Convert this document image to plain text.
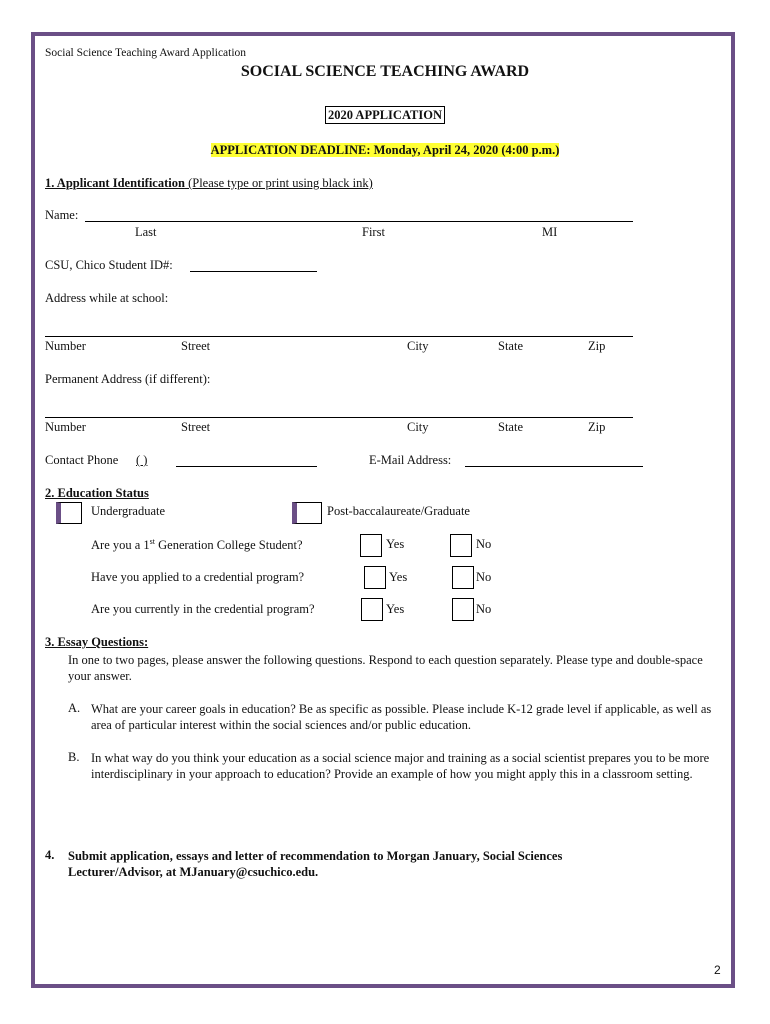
Social Science Teaching Award Application
SOCIAL SCIENCE TEACHING AWARD
2020 APPLICATION
APPLICATION DEADLINE: Monday, April 24, 2020 (4:00 p.m.)
1. Applicant Identification (Please type or print using black ink)
Name:
Last	First	MI
CSU, Chico Student ID#:
Address while at school:
Number	Street	City	State	Zip
Permanent Address (if different):
Number	Street	City	State	Zip
Contact Phone ( )	E-Mail Address:
2. Education Status
Undergraduate	Post-baccalaureate/Graduate
Are you a 1st Generation College Student?	Yes	No
Have you applied to a credential program?	Yes	No
Are you currently in the credential program?	Yes	No
3. Essay Questions:
In one to two pages, please answer the following questions. Respond to each question separately. Please type and double-space your answer.
A. What are your career goals in education? Be as specific as possible. Please include K-12 grade level if applicable, as well as area of particular interest within the social sciences and/or public education.
B. In what way do you think your education as a social science major and training as a social scientist prepares you to be more interdisciplinary in your approach to education? Provide an example of how you might apply this in a classroom setting.
4. Submit application, essays and letter of recommendation to Morgan January, Social Sciences Lecturer/Advisor, at MJanuary@csuchico.edu.
2
